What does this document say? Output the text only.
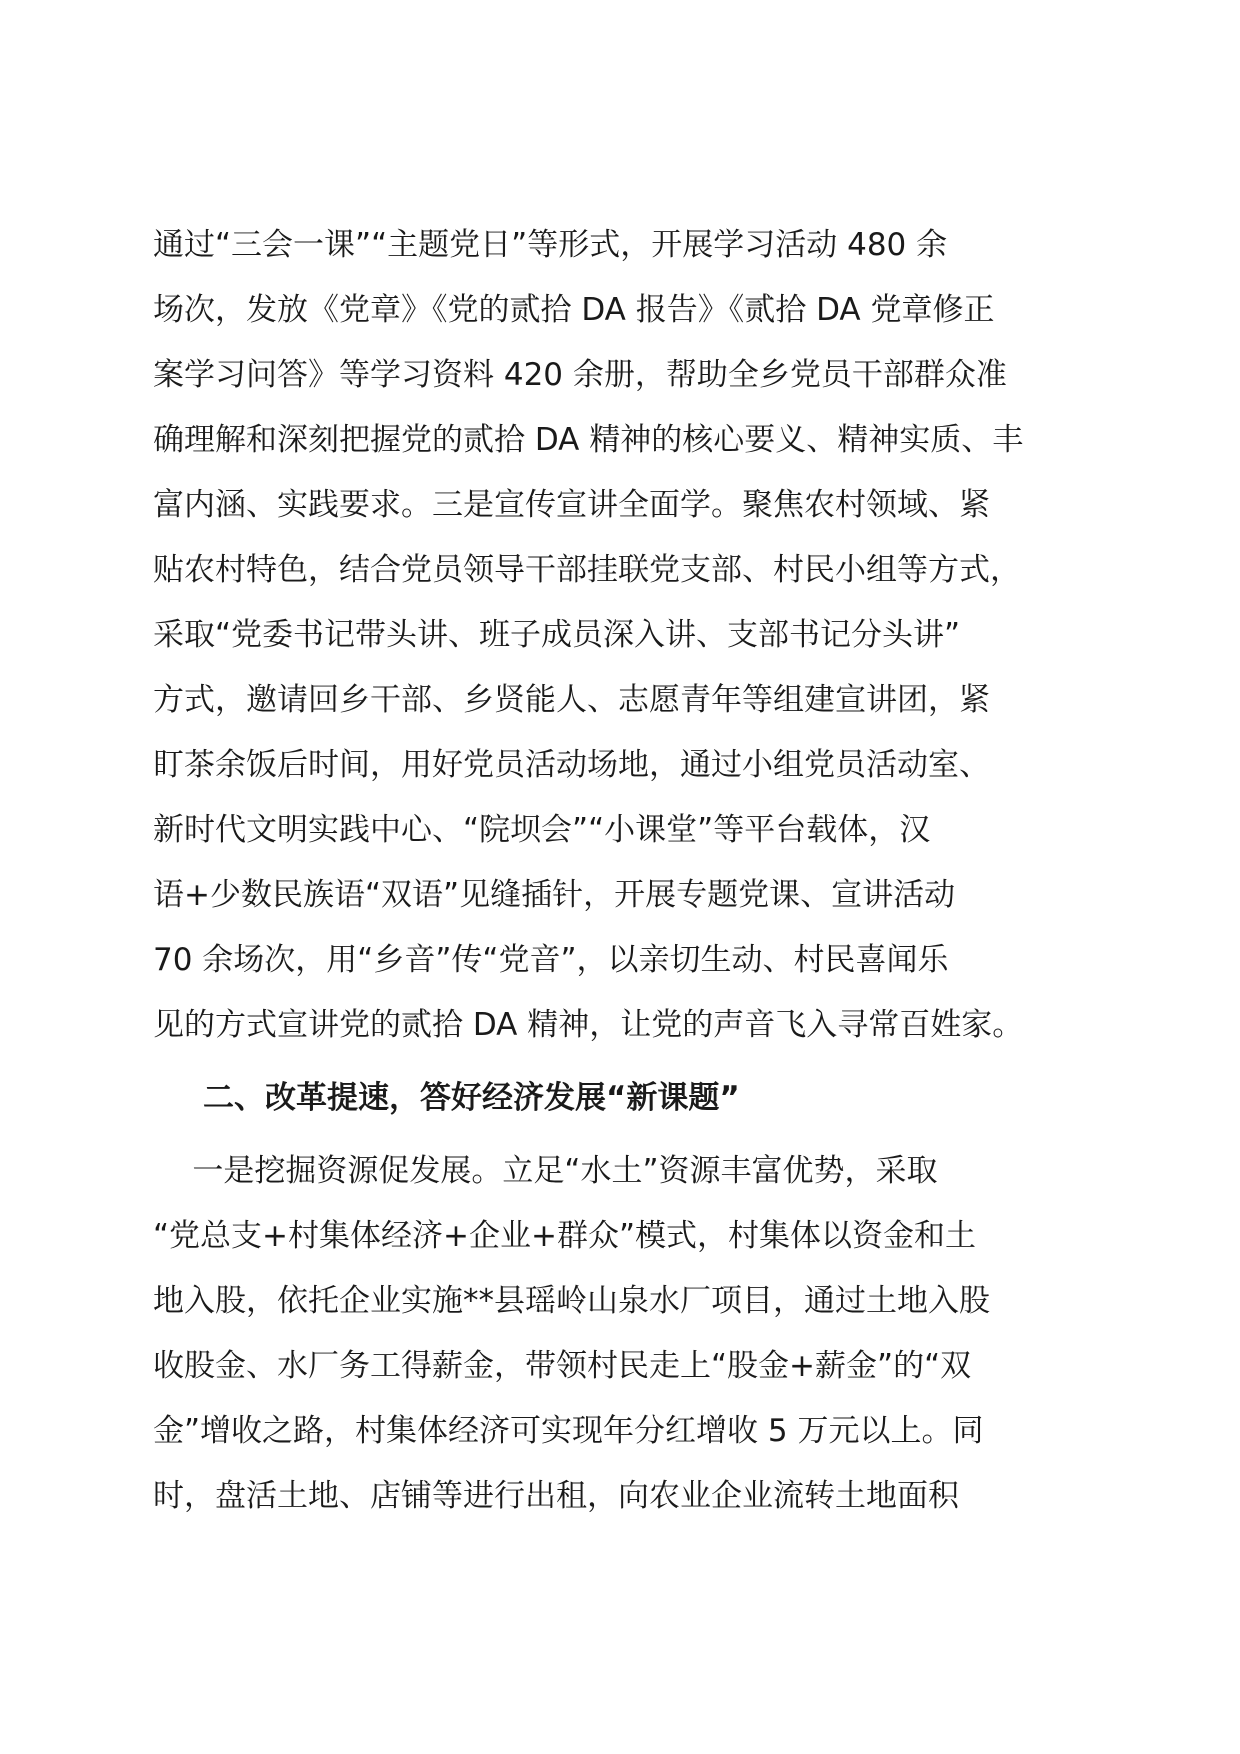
通过“三会一课”“主题党日”等形式，开展学习活动 480 余
场次，发放《党章》《党的贰拾 DA 报告》《贰拾 DA 党章修正
案学习问答》等学习资料 420 余册，帮助全乡党员干部群众准
确理解和深刻把握党的贰拾 DA 精神的核心要义、精神实质、丰
富内涵、实践要求。三是宣传宣讲全面学。聚焦农村领域、紧
贴农村特色，结合党员领导干部挂联党支部、村民小组等方式，
采取“党委书记带头讲、班子成员深入讲、支部书记分头讲”
方式，邀请回乡干部、乡贤能人、志愿青年等组建宣讲团，紧
盯茶余饭后时间，用好党员活动场地，通过小组党员活动室、
新时代文明实践中心、“院坝会”“小课堂”等平台载体，汉
语+少数民族语“双语”见缝插针，开展专题党课、宣讲活动
70 余场次，用“乡音”传“党音”，以亲切生动、村民喜闻乐
见的方式宣讲党的贰拾 DA 精神，让党的声音飞入寻常百姓家。
二、改革提速，答好经济发展“新课题”
一是挖掘资源促发展。立足“水土”资源丰富优势，采取
“党总支+村集体经济+企业+群众”模式，村集体以资金和土
地入股，依托企业实施**县瑶岭山泉水厂项目，通过土地入股
收股金、水厂务工得薪金，带领村民走上“股金+薪金”的“双
金”增收之路，村集体经济可实现年分红增收 5 万元以上。同
时，盘活土地、店铺等进行出租，向农业企业流转土地面积
